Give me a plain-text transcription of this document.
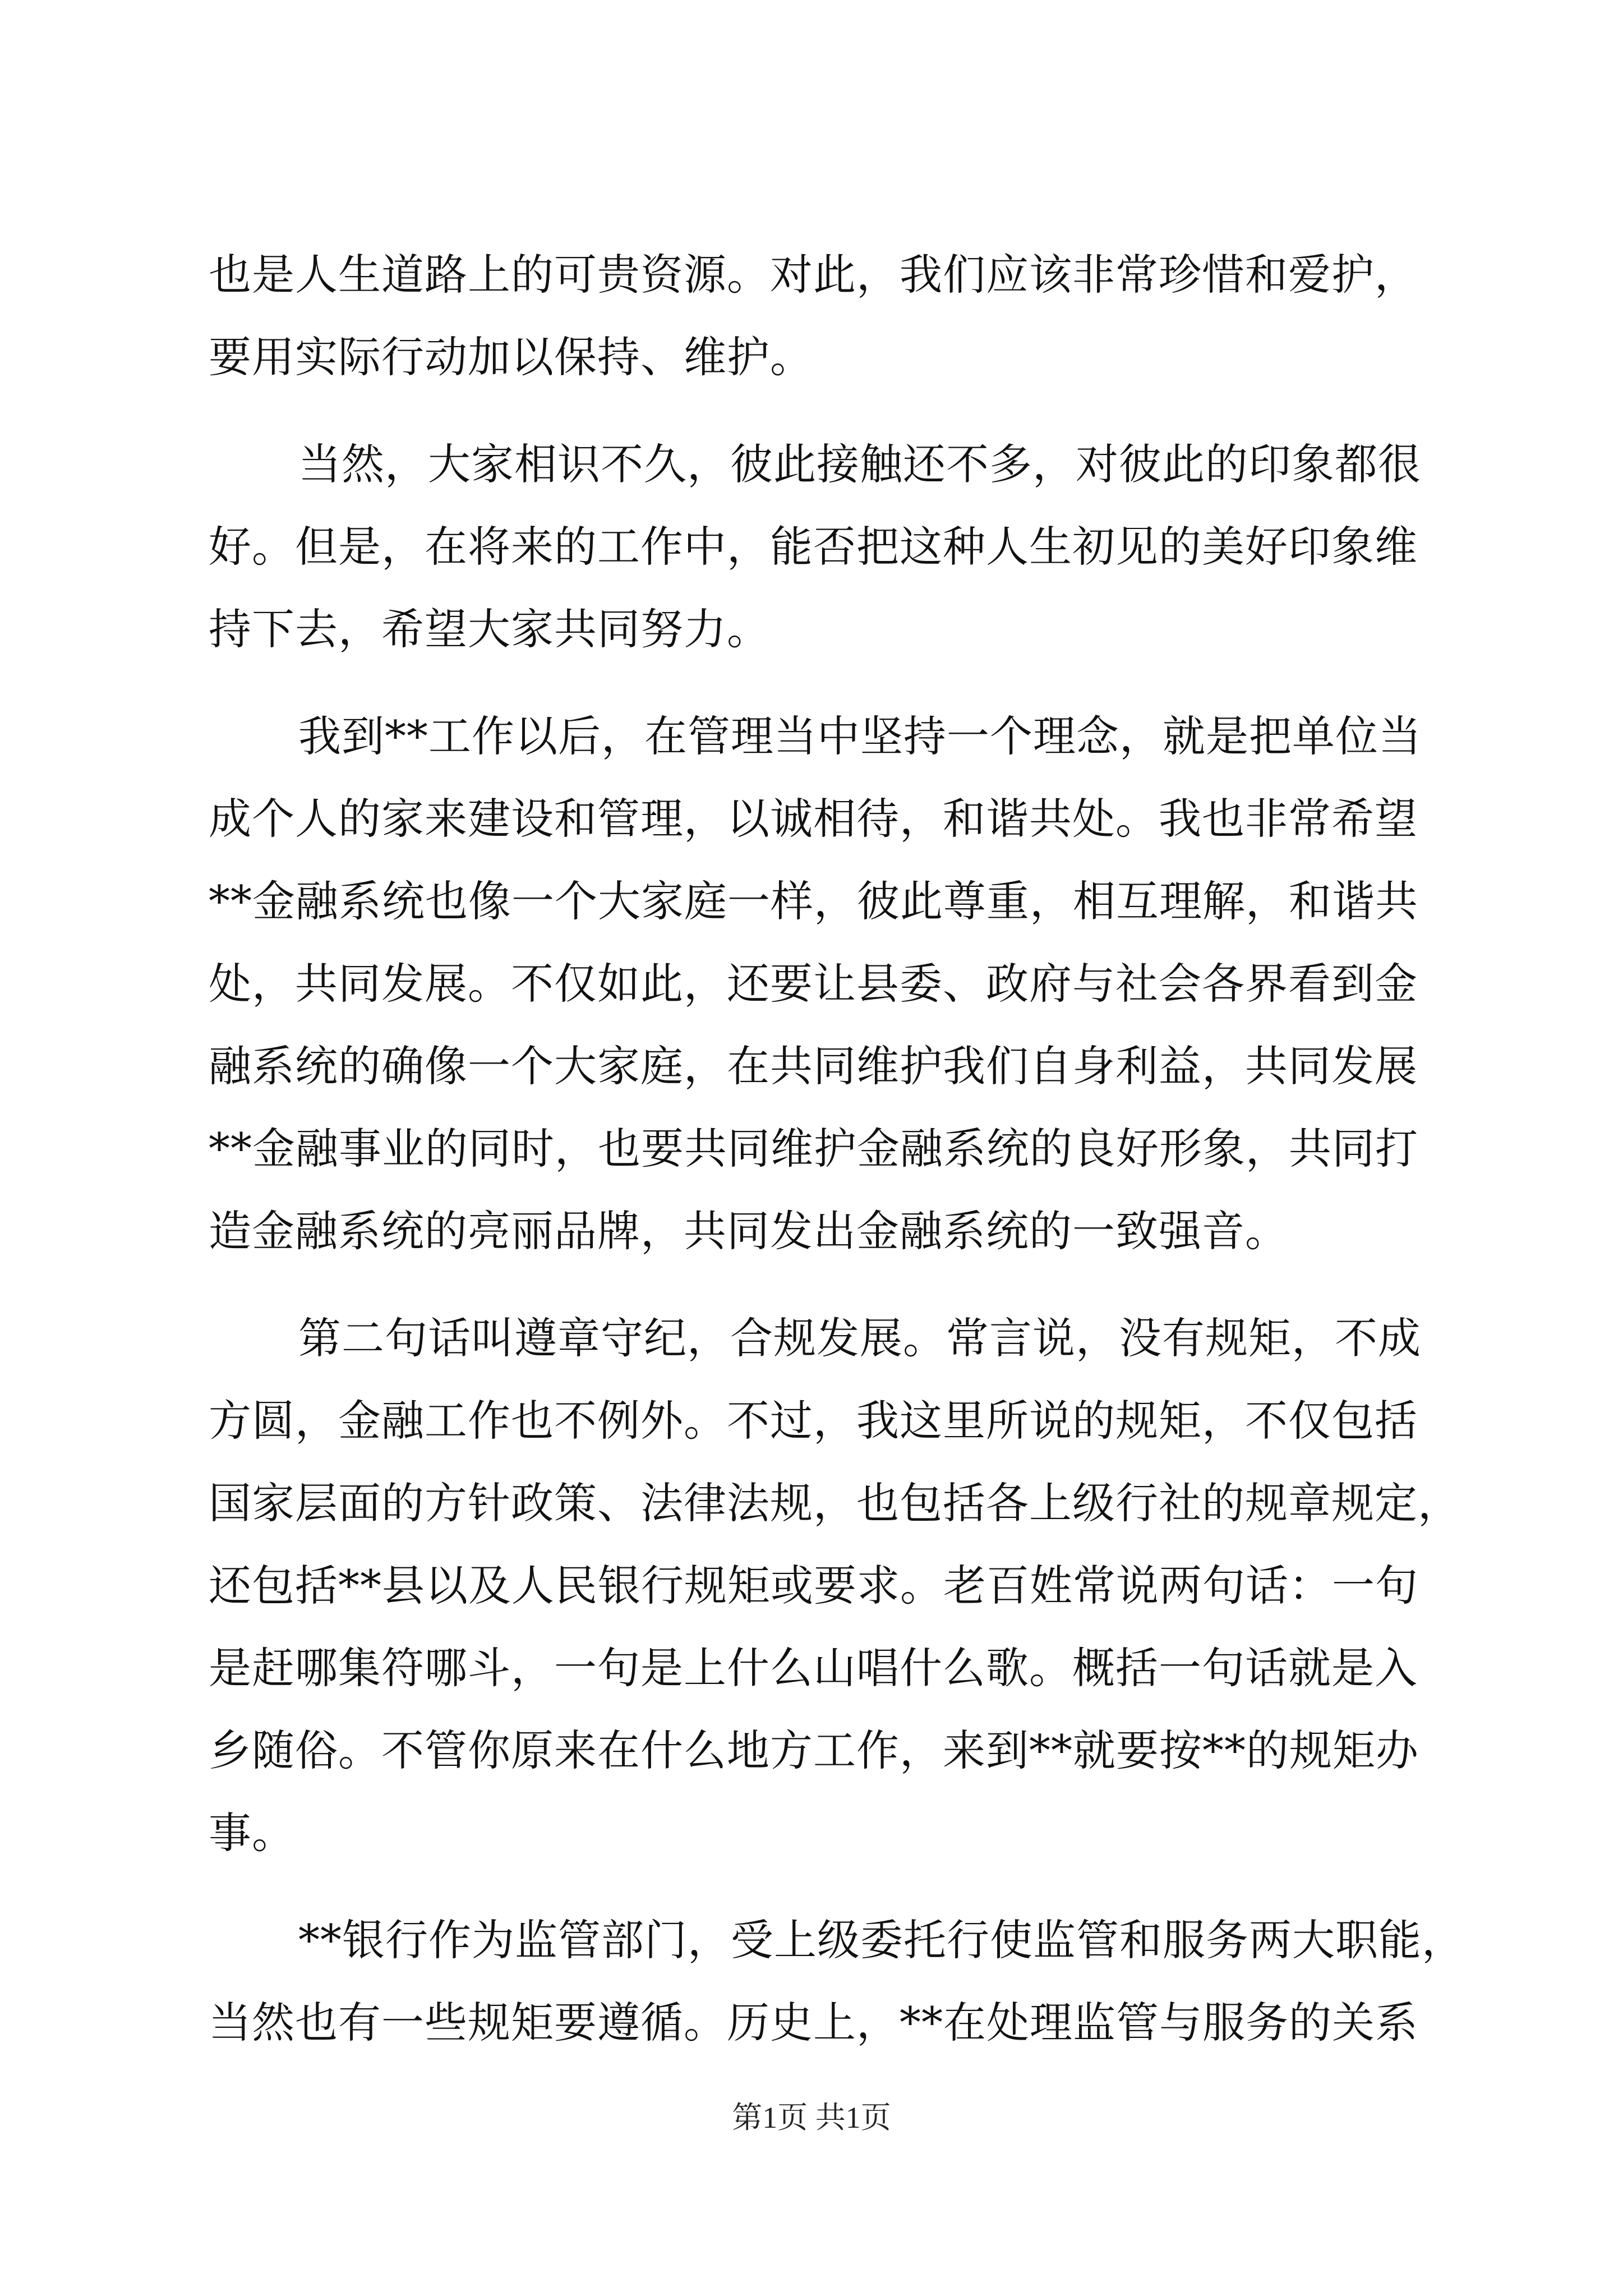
也是人生道路上的可贵资源。对此，我们应该非常珍惜和爱护，
要用实际行动加以保持、维护。
当然，大家相识不久，彼此接触还不多，对彼此的印象都很
好。但是，在将来的工作中，能否把这种人生初见的美好印象维
持下去，希望大家共同努力。
我到**工作以后，在管理当中坚持一个理念，就是把单位当
成个人的家来建设和管理，以诚相待，和谐共处。我也非常希望
**金融系统也像一个大家庭一样，彼此尊重，相互理解，和谐共
处，共同发展。不仅如此，还要让县委、政府与社会各界看到金
融系统的确像一个大家庭，在共同维护我们自身利益，共同发展
**金融事业的同时，也要共同维护金融系统的良好形象，共同打
造金融系统的亮丽品牌，共同发出金融系统的一致强音。
第二句话叫遵章守纪，合规发展。常言说，没有规矩，不成
方圆，金融工作也不例外。不过，我这里所说的规矩，不仅包括
国家层面的方针政策、法律法规，也包括各上级行社的规章规定，
还包括**县以及人民银行规矩或要求。老百姓常说两句话：一句
是赶哪集符哪斗，一句是上什么山唱什么歌。概括一句话就是入
乡随俗。不管你原来在什么地方工作，来到**就要按**的规矩办
事。
**银行作为监管部门，受上级委托行使监管和服务两大职能，
当然也有一些规矩要遵循。历史上，**在处理监管与服务的关系
第1页 共1页
